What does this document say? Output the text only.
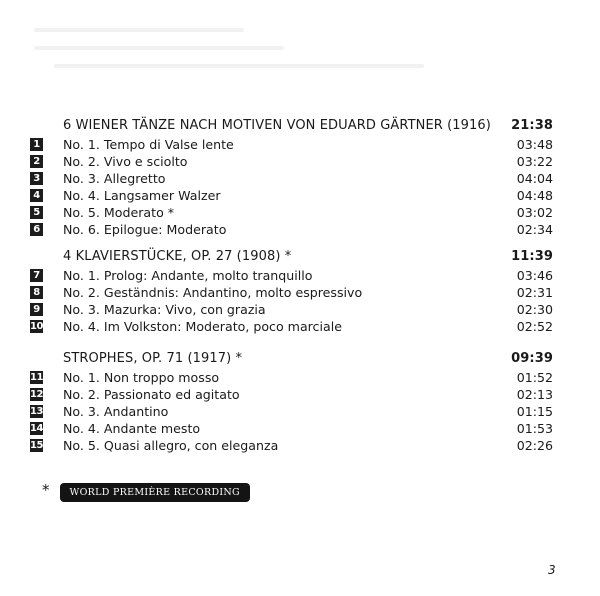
6 WIENER TÄNZE NACH MOTIVEN VON EDUARD GÄRTNER (1916) 21:38
1 No. 1. Tempo di Valse lente	03:48
2 No. 2. Vivo e sciolto	03:22
3 No. 3. Allegretto	04:04
4 No. 4. Langsamer Walzer	04:48
5 No. 5. Moderato *	03:02
6 No. 6. Epilogue: Moderato	02:34
4 KLAVIERSTÜCKE, OP. 27 (1908) *	11:39
7 No. 1. Prolog: Andante, molto tranquillo	03:46
8 No. 2. Geständnis: Andantino, molto espressivo	02:31
9 No. 3. Mazurka: Vivo, con grazia	02:30
10 No. 4. Im Volkston: Moderato, poco marciale	02:52
STROPHES, OP. 71 (1917) *	09:39
11 No. 1. Non troppo mosso	01:52
12 No. 2. Passionato ed agitato	02:13
13 No. 3. Andantino	01:15
14 No. 4. Andante mesto	01:53
15 No. 5. Quasi allegro, con eleganza	02:26
*	WORLD PREMIÈRE RECORDING
3
